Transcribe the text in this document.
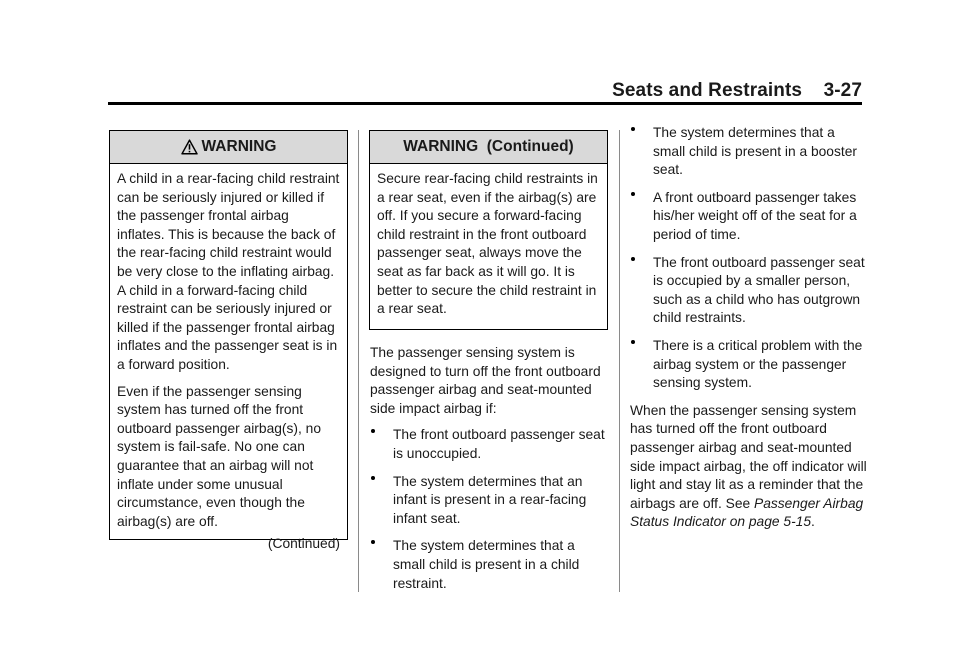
Seats and Restraints    3-27
WARNING

A child in a rear-facing child restraint can be seriously injured or killed if the passenger frontal airbag inflates. This is because the back of the rear-facing child restraint would be very close to the inflating airbag. A child in a forward-facing child restraint can be seriously injured or killed if the passenger frontal airbag inflates and the passenger seat is in a forward position.

Even if the passenger sensing system has turned off the front outboard passenger airbag(s), no system is fail-safe. No one can guarantee that an airbag will not inflate under some unusual circumstance, even though the airbag(s) are off.

(Continued)
WARNING  (Continued)

Secure rear-facing child restraints in a rear seat, even if the airbag(s) are off. If you secure a forward-facing child restraint in the front outboard passenger seat, always move the seat as far back as it will go. It is better to secure the child restraint in a rear seat.

The passenger sensing system is designed to turn off the front outboard passenger airbag and seat-mounted side impact airbag if:

The front outboard passenger seat is unoccupied.
The system determines that an infant is present in a rear-facing infant seat.
The system determines that a small child is present in a child restraint.
The system determines that a small child is present in a booster seat.
A front outboard passenger takes his/her weight off of the seat for a period of time.
The front outboard passenger seat is occupied by a smaller person, such as a child who has outgrown child restraints.
There is a critical problem with the airbag system or the passenger sensing system.

When the passenger sensing system has turned off the front outboard passenger airbag and seat-mounted side impact airbag, the off indicator will light and stay lit as a reminder that the airbags are off. See Passenger Airbag Status Indicator on page 5-15.
